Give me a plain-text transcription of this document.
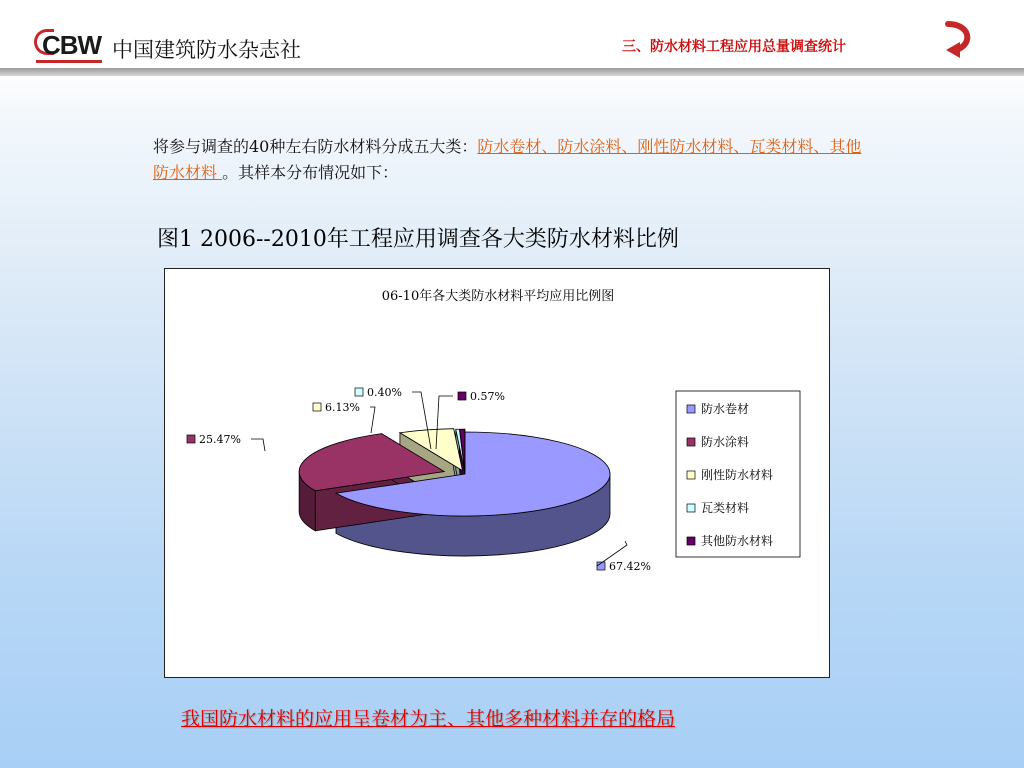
CBW 中国建筑防水杂志社	三、防水材料工程应用总量调查统计
将参与调查的40种左右防水材料分成五大类：防水卷材、防水涂料、刚性防水材料、瓦类材料、其他防水材料 。其样本分布情况如下：
图1 2006--2010年工程应用调查各大类防水材料比例
06-10年各大类防水材料平均应用比例图
67.42%
25.47%
6.13%
0.40%	0.57%
防水卷材
防水涂料
刚性防水材料
瓦类材料
其他防水材料
我国防水材料的应用呈卷材为主、其他多种材料并存的格局
